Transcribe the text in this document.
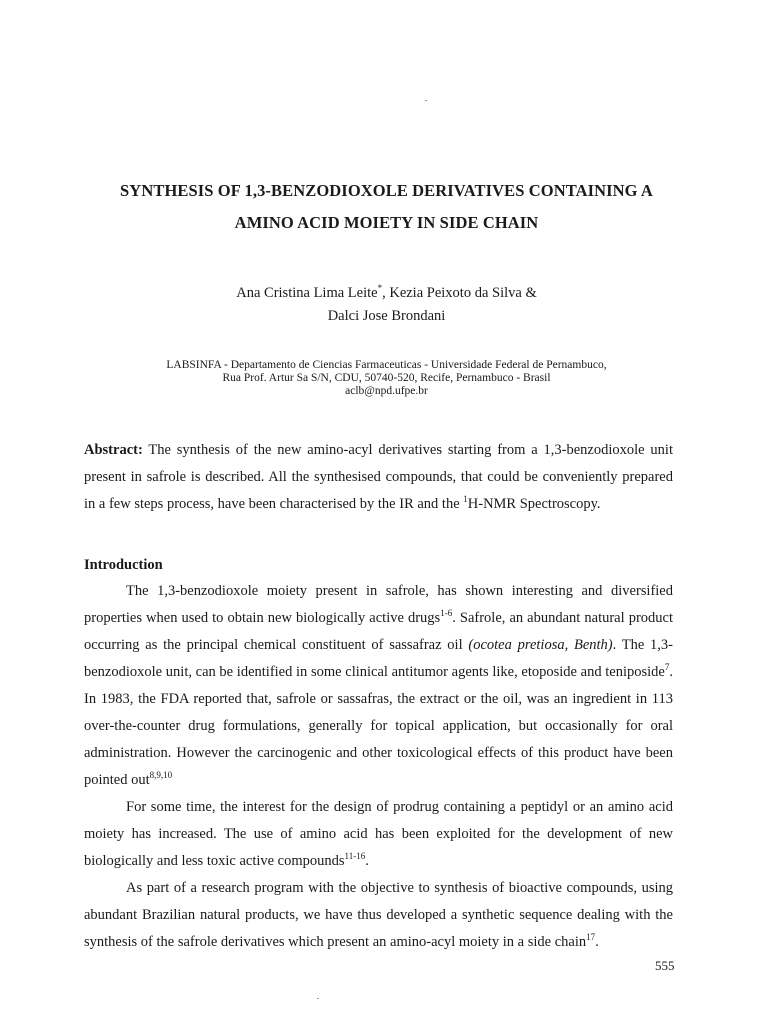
SYNTHESIS OF 1,3-BENZODIOXOLE DERIVATIVES CONTAINING A
AMINO ACID MOIETY IN SIDE CHAIN
Ana Cristina Lima Leite*, Kezia Peixoto da Silva &
Dalci Jose Brondani
LABSINFA - Departamento de Ciencias Farmaceuticas - Universidade Federal de Pernambuco,
Rua Prof. Artur Sa S/N, CDU, 50740-520, Recife, Pernambuco - Brasil
aclb@npd.ufpe.br
Abstract: The synthesis of the new amino-acyl derivatives starting from a 1,3-benzodioxole unit present in safrole is described. All the synthesised compounds, that could be conveniently prepared in a few steps process, have been characterised by the IR and the $^1$H-NMR Spectroscopy.
Introduction

The 1,3-benzodioxole moiety present in safrole, has shown interesting and diversified properties when used to obtain new biologically active drugs$^{1-6}$. Safrole, an abundant natural product occurring as the principal chemical constituent of sassafraz oil (ocotea pretiosa, Benth). The 1,3-benzodioxole unit, can be identified in some clinical antitumor agents like, etoposide and teniposide$^7$. In 1983, the FDA reported that, safrole or sassafras, the extract or the oil, was an ingredient in 113 over-the-counter drug formulations, generally for topical application, but occasionally for oral administration. However the carcinogenic and other toxicological effects of this product have been pointed out$^{8,9,10}$

For some time, the interest for the design of prodrug containing a peptidyl or an amino acid moiety has increased. The use of amino acid has been exploited for the development of new biologically and less toxic active compounds$^{11-16}$.

As part of a research program with the objective to synthesis of bioactive compounds, using abundant Brazilian natural products, we have thus developed a synthetic sequence dealing with the synthesis of the safrole derivatives which present an amino-acyl moiety in a side chain$^{17}$.

555
